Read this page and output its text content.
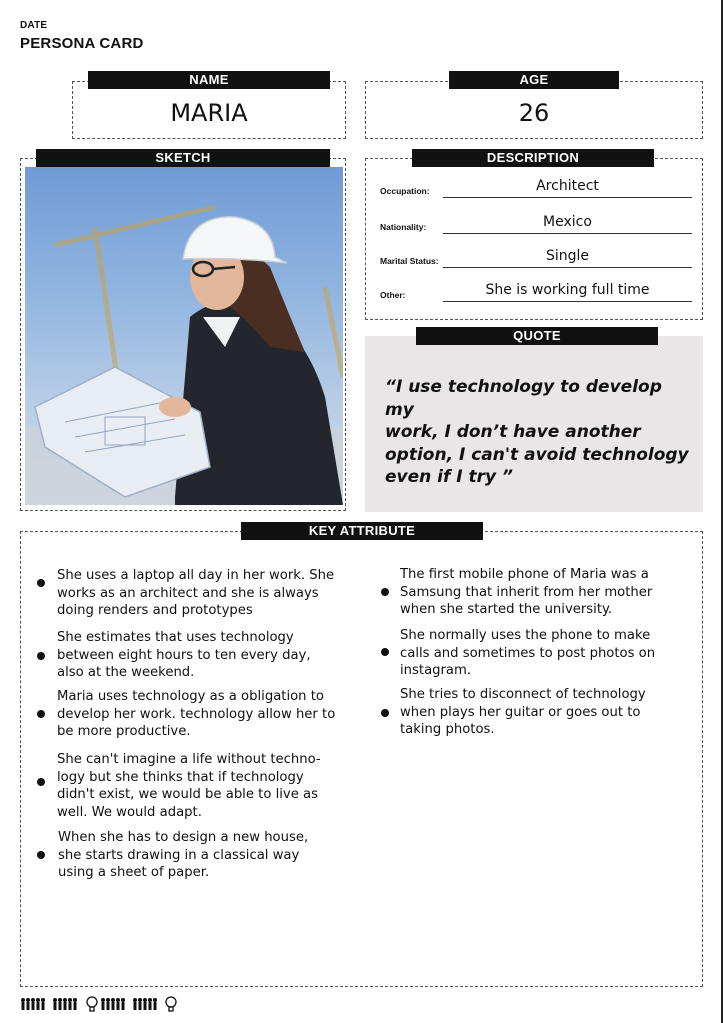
DATE
PERSONA CARD
NAME
MARIA
AGE
26
SKETCH	DESCRIPTION
Occupation:	Architect
Nationality:	Mexico
Marital Status:	Single
Other:	She is working full time
“I use technology to develop my
work, I don’t have another
option, I can't avoid technology
even if I try ”
QUOTE
KEY ATTRIBUTE
She uses a laptop all day in her work. She
works as an architect and she is always
doing renders and prototypes
She estimates that uses technology
between eight hours to ten every day,
also at the weekend.
Maria uses technology as a obligation to
develop her work. technology allow her to
be more productive.
She can't imagine a life without techno-
logy but she thinks that if technology
didn't exist, we would be able to live as
well. We would adapt.
When she has to design a new house,
she starts drawing in a classical way
using a sheet of paper.
The first mobile phone of Maria was a
Samsung that inherit from her mother
when she started the university.
She normally uses the phone to make
calls and sometimes to post photos on
instagram.
She tries to disconnect of technology
when plays her guitar or goes out to
taking photos.
